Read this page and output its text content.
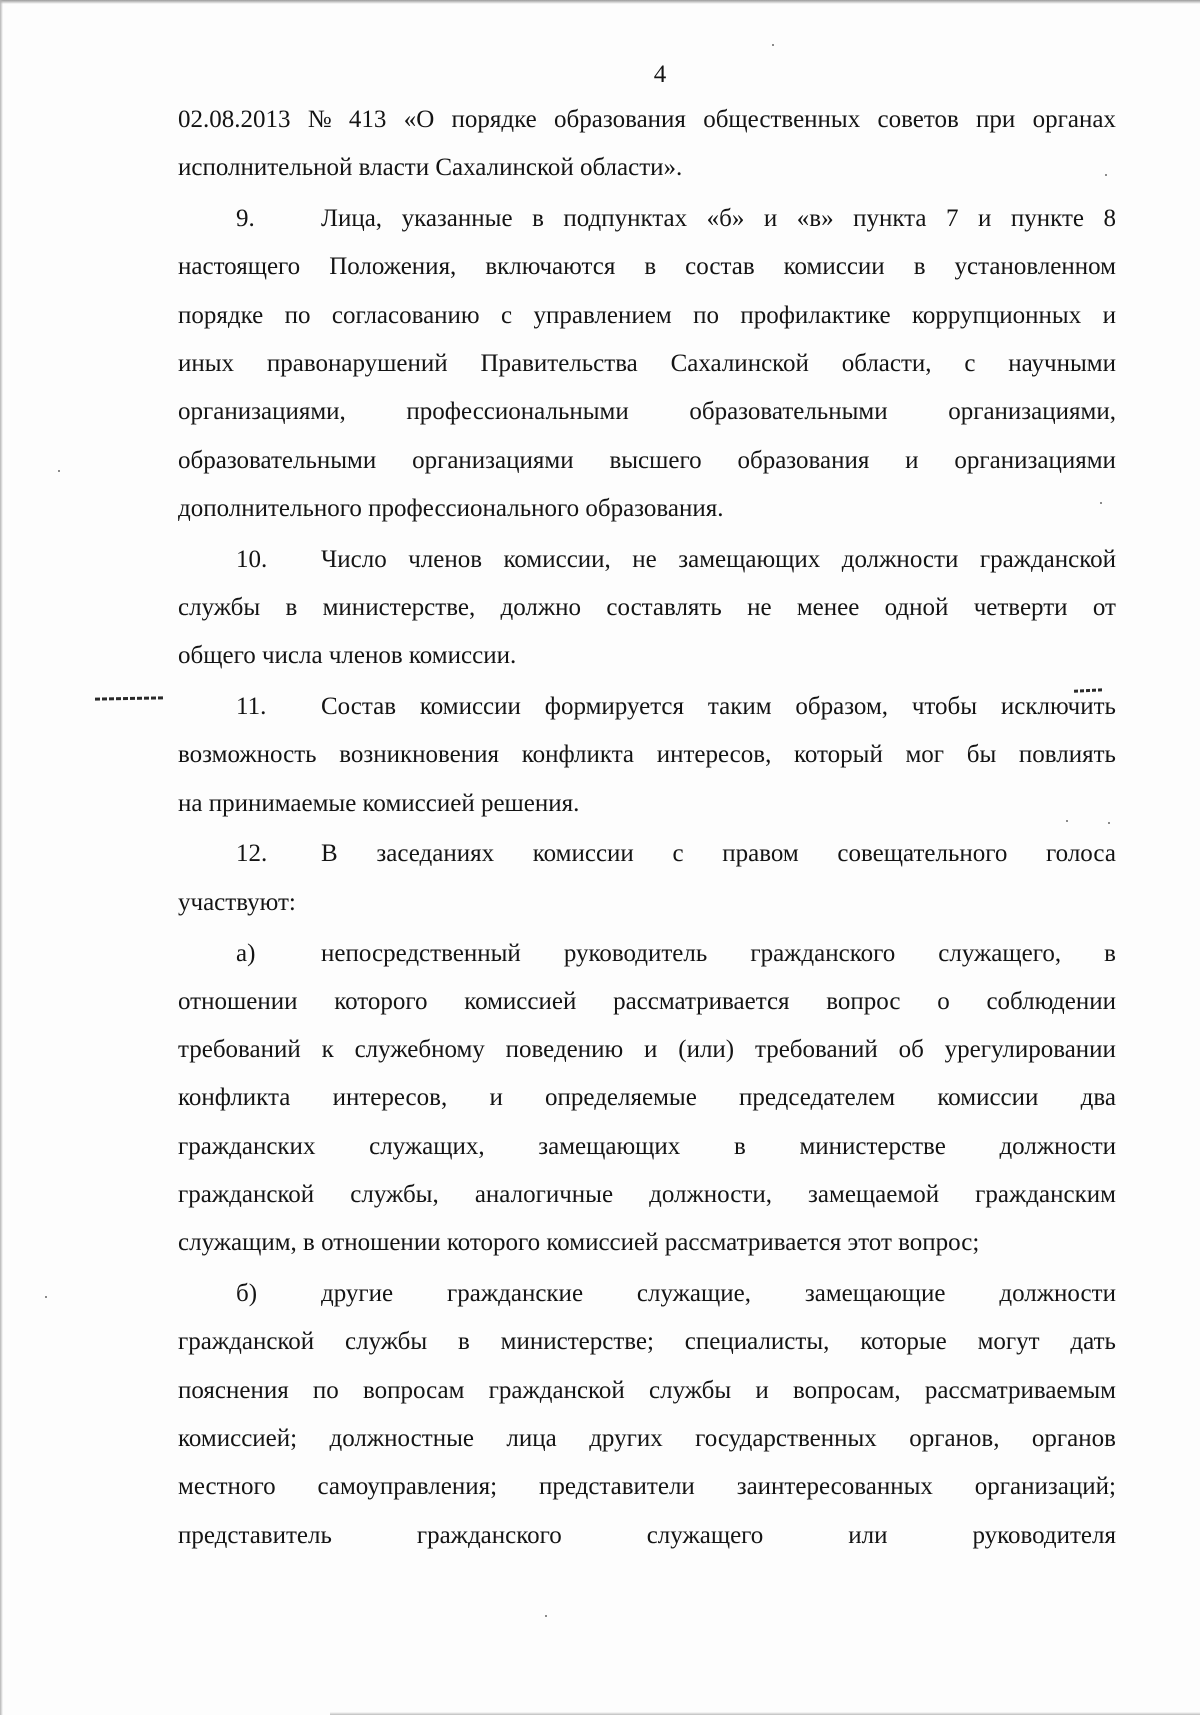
4
02.08.2013 № 413 «О порядке образования общественных советов при органах
исполнительной власти Сахалинской области».
9.	Лица, указанные в подпунктах «б» и «в» пункта 7 и пункте 8
настоящего Положения, включаются в состав комиссии в установленном
порядке по согласованию с управлением по профилактике коррупционных и
иных правонарушений Правительства Сахалинской области, с научными
организациями, профессиональными образовательными организациями,
образовательными организациями высшего образования и организациями
дополнительного профессионального образования.
10.	Число членов комиссии, не замещающих должности гражданской
службы в министерстве, должно составлять не менее одной четверти от
общего числа членов комиссии.
11.	Состав комиссии формируется таким образом, чтобы исключить
возможность возникновения конфликта интересов, который мог бы повлиять
на принимаемые комиссией решения.
12.	В заседаниях комиссии с правом совещательного голоса
участвуют:
а)	непосредственный руководитель гражданского служащего, в
отношении которого комиссией рассматривается вопрос о соблюдении
требований к служебному поведению и (или) требований об урегулировании
конфликта интересов, и определяемые председателем комиссии два
гражданских служащих, замещающих в министерстве должности
гражданской службы, аналогичные должности, замещаемой гражданским
служащим, в отношении которого комиссией рассматривается этот вопрос;
б)	другие гражданские служащие, замещающие должности
гражданской службы в министерстве; специалисты, которые могут дать
пояснения по вопросам гражданской службы и вопросам, рассматриваемым
комиссией; должностные лица других государственных органов, органов
местного самоуправления; представители заинтересованных организаций;
представитель	гражданского	служащего	или	руководителя
